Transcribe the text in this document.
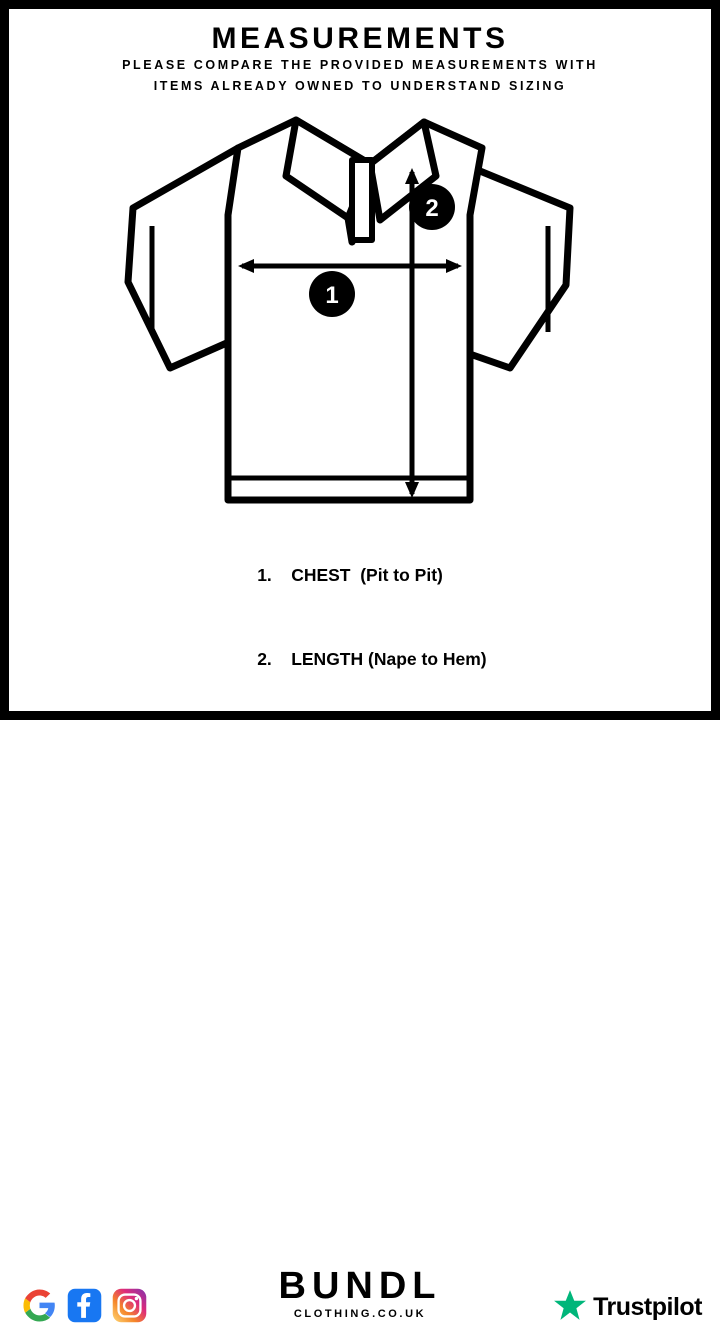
MEASUREMENTS
PLEASE COMPARE THE PROVIDED MEASUREMENTS WITH
ITEMS ALREADY OWNED TO UNDERSTAND SIZING
1
2

1. CHEST (Pit to Pit)

2. LENGTH (Nape to Hem)

BUNDL
CLOTHING.CO.UK	Trustpilot
